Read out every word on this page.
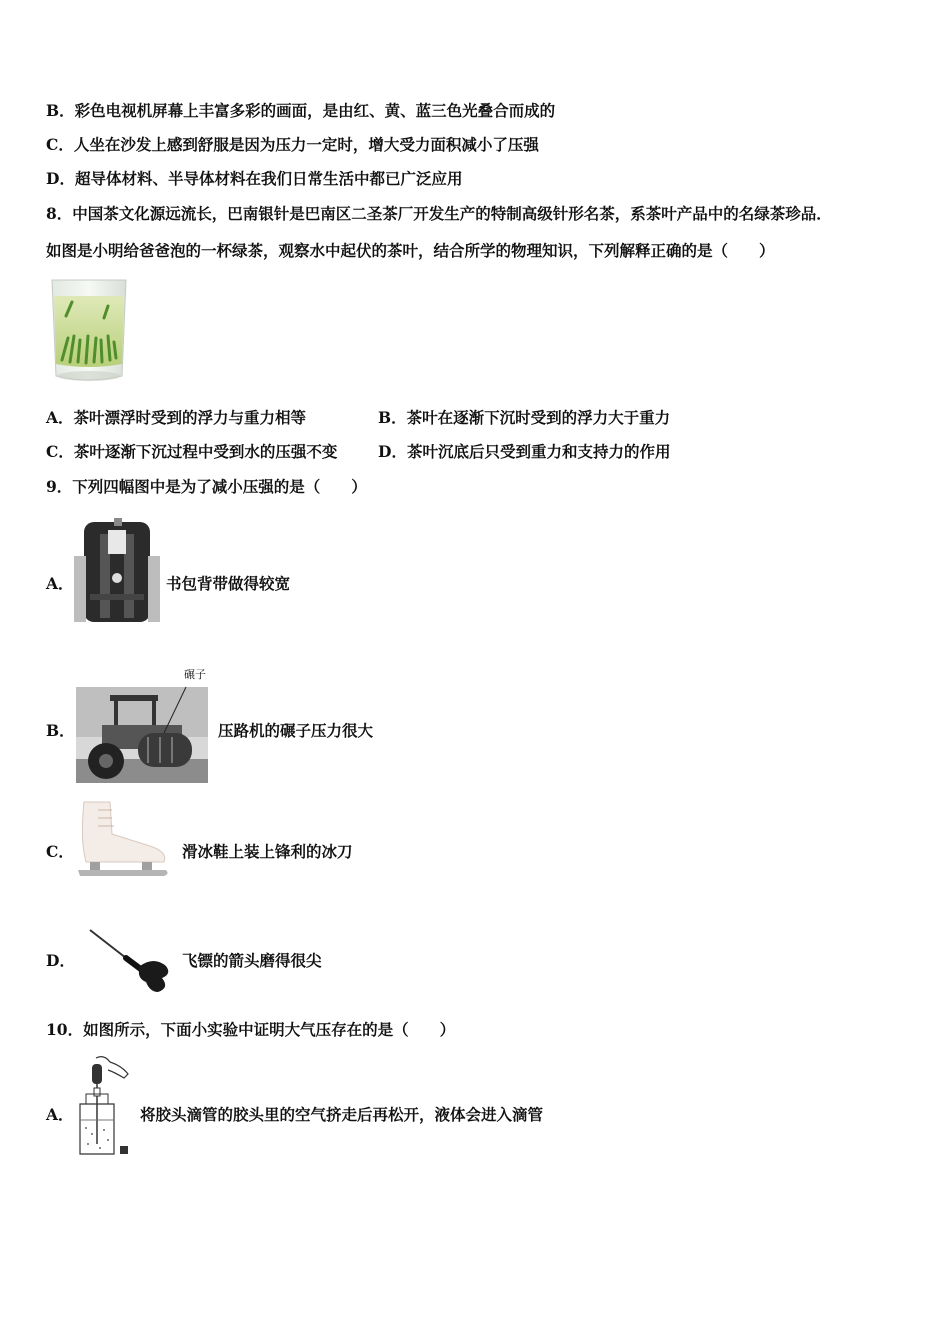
B．彩色电视机屏幕上丰富多彩的画面，是由红、黄、蓝三色光叠合而成的
C．人坐在沙发上感到舒服是因为压力一定时，增大受力面积减小了压强
D．超导体材料、半导体材料在我们日常生活中都已广泛应用
8．中国茶文化源远流长，巴南银针是巴南区二圣茶厂开发生产的特制高级针形名茶，系茶叶产品中的名绿茶珍品．
如图是小明给爸爸泡的一杯绿茶，观察水中起伏的茶叶，结合所学的物理知识，下列解释正确的是（　　）
A．茶叶漂浮时受到的浮力与重力相等	B．茶叶在逐渐下沉时受到的浮力大于重力
C．茶叶逐渐下沉过程中受到水的压强不变	D．茶叶沉底后只受到重力和支持力的作用
9．下列四幅图中是为了减小压强的是（　　）
A．	书包背带做得较宽
B．
碾子
压路机的碾子压力很大
C．	滑冰鞋上装上锋利的冰刀
D．	飞镖的箭头磨得很尖
10．如图所示，下面小实验中证明大气压存在的是（　　）
A．	将胶头滴管的胶头里的空气挤走后再松开，液体会进入滴管
